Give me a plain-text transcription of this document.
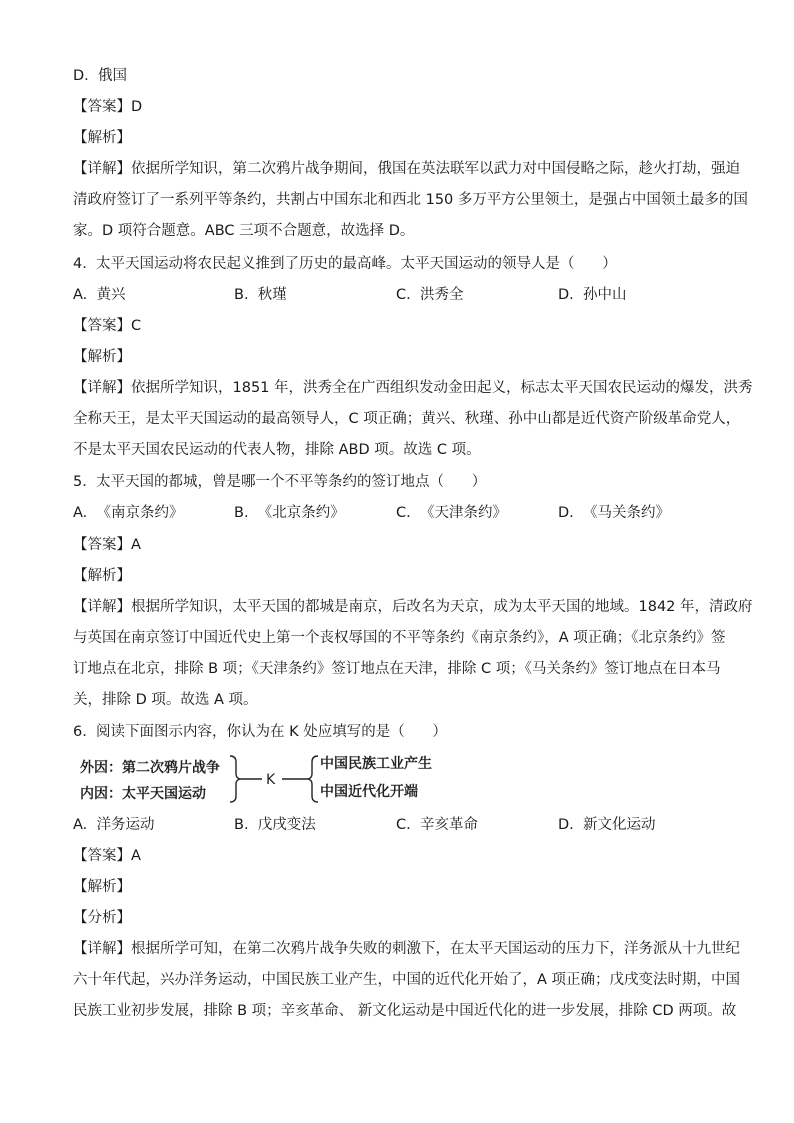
D.  俄国
【答案】D
【解析】
【详解】依据所学知识，第二次鸦片战争期间，俄国在英法联军以武力对中国侵略之际，趁火打劫，强迫
清政府签订了一系列平等条约，共割占中国东北和西北 150 多万平方公里领土，是强占中国领土最多的国
家。D 项符合题意。ABC 三项不合题意，故选择 D。
4.  太平天国运动将农民起义推到了历史的最高峰。太平天国运动的领导人是（      ）
A.  黄兴	B.  秋瑾	C.  洪秀全	D.  孙中山
【答案】C
【解析】
【详解】依据所学知识，1851 年，洪秀全在广西组织发动金田起义，标志太平天国农民运动的爆发，洪秀
全称天王，是太平天国运动的最高领导人，C 项正确；黄兴、秋瑾、孙中山都是近代资产阶级革命党人，
不是太平天国农民运动的代表人物，排除 ABD 项。故选 C 项。
5.  太平天国的都城，曾是哪一个不平等条约的签订地点（      ）
A.  《南京条约》	B.  《北京条约》	C.  《天津条约》	D.  《马关条约》
【答案】A
【解析】
【详解】根据所学知识，太平天国的都城是南京，后改名为天京，成为太平天国的地域。1842 年，清政府
与英国在南京签订中国近代史上第一个丧权辱国的不平等条约《南京条约》，A 项正确；《北京条约》签
订地点在北京，排除 B 项；《天津条约》签订地点在天津，排除 C 项；《马关条约》签订地点在日本马
关，排除 D 项。故选 A 项。
6.  阅读下面图示内容，你认为在 K 处应填写的是（      ）
外因：第二次鸦片战争
内因：太平天国运动
K
中国民族工业产生
中国近代化开端
A.  洋务运动	B.  戊戌变法	C.  辛亥革命	D.  新文化运动
【答案】A
【解析】
【分析】
【详解】根据所学可知，在第二次鸦片战争失败的刺激下，在太平天国运动的压力下，洋务派从十九世纪
六十年代起，兴办洋务运动，中国民族工业产生，中国的近代化开始了，A 项正确；戊戌变法时期，中国
民族工业初步发展，排除 B 项；辛亥革命、 新文化运动是中国近代化的进一步发展，排除 CD 两项。故
